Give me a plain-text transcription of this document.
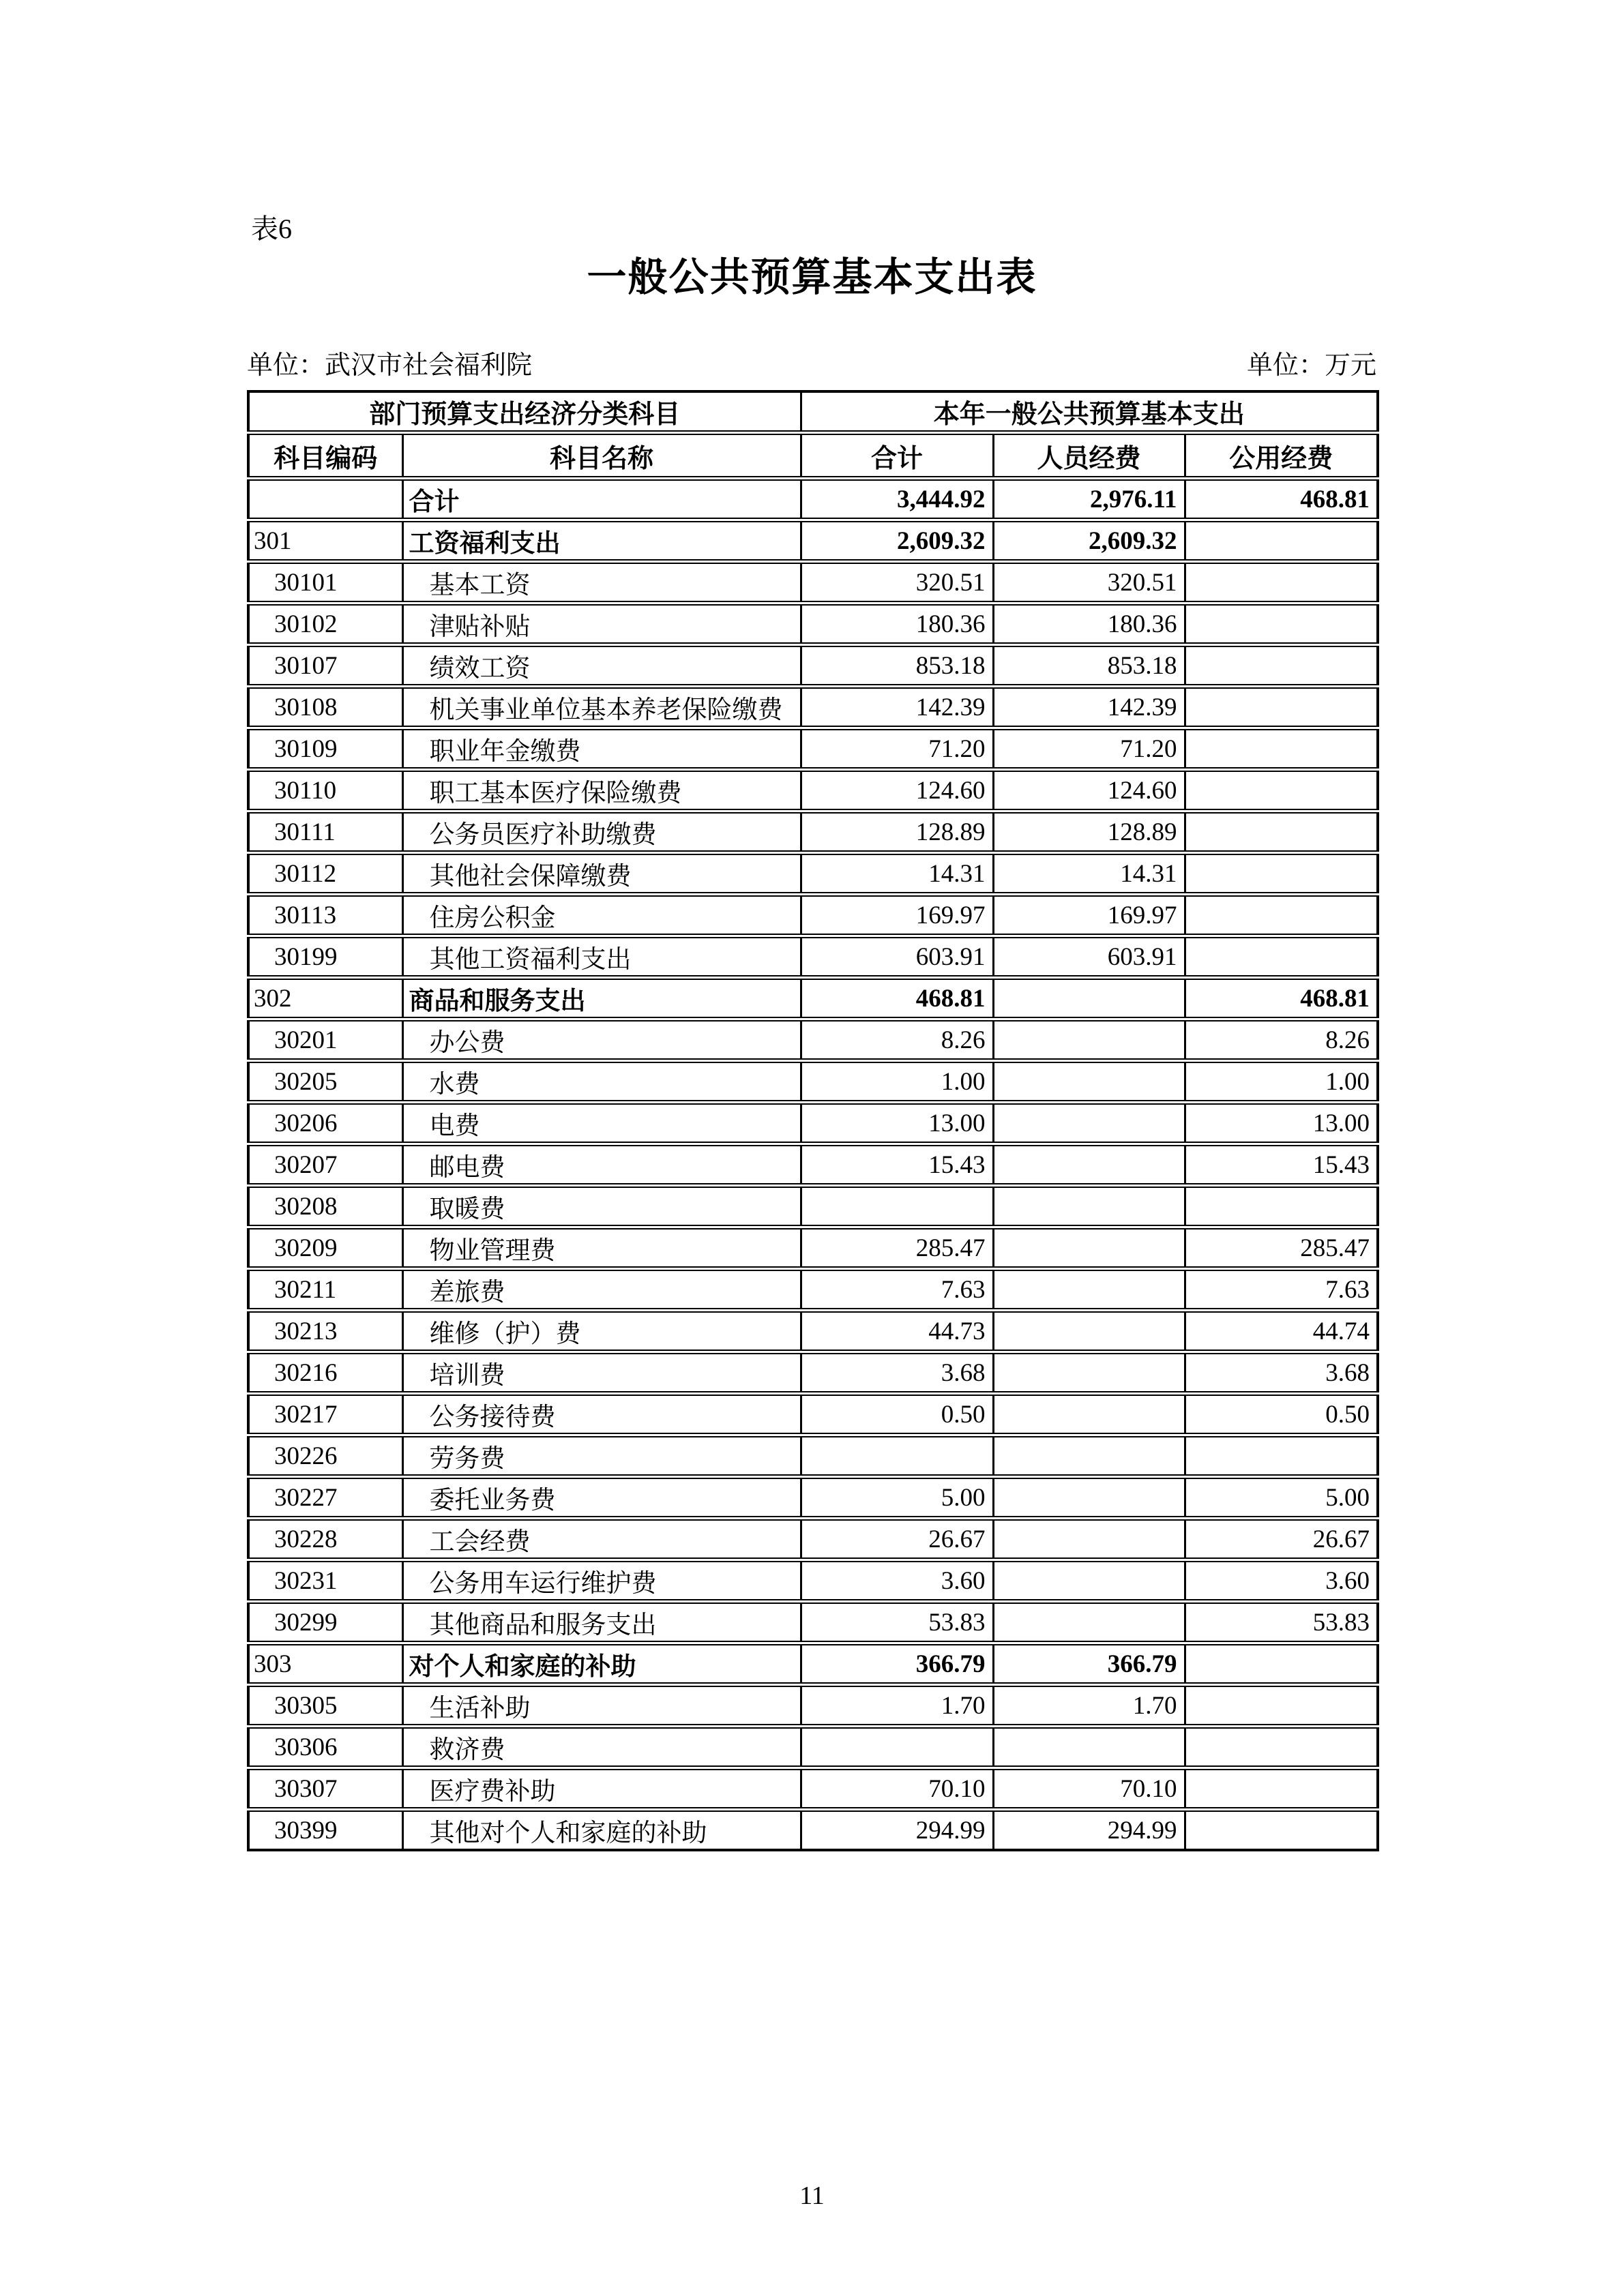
表6
一般公共预算基本支出表
单位：武汉市社会福利院	单位：万元
部门预算支出经济分类科目		本年一般公共预算基本支出		
科目编码	科目名称	合计	人员经费	公用经费
	合计	3,444.92	2,976.11	468.81
301	工资福利支出	2,609.32	2,609.32	
30101	基本工资	320.51	320.51	
30102	津贴补贴	180.36	180.36	
30107	绩效工资	853.18	853.18	
30108	机关事业单位基本养老保险缴费	142.39	142.39	
30109	职业年金缴费	71.20	71.20	
30110	职工基本医疗保险缴费	124.60	124.60	
30111	公务员医疗补助缴费	128.89	128.89	
30112	其他社会保障缴费	14.31	14.31	
30113	住房公积金	169.97	169.97	
30199	其他工资福利支出	603.91	603.91	
302	商品和服务支出	468.81		468.81
30201	办公费	8.26		8.26
30205	水费	1.00		1.00
30206	电费	13.00		13.00
30207	邮电费	15.43		15.43
30208	取暖费			
30209	物业管理费	285.47		285.47
30211	差旅费	7.63		7.63
30213	维修（护）费	44.73		44.74
30216	培训费	3.68		3.68
30217	公务接待费	0.50		0.50
30226	劳务费			
30227	委托业务费	5.00		5.00
30228	工会经费	26.67		26.67
30231	公务用车运行维护费	3.60		3.60
30299	其他商品和服务支出	53.83		53.83
303	对个人和家庭的补助	366.79	366.79	
30305	生活补助	1.70	1.70	
30306	救济费			
30307	医疗费补助	70.10	70.10	
30399	其他对个人和家庭的补助	294.99	294.99	
11
